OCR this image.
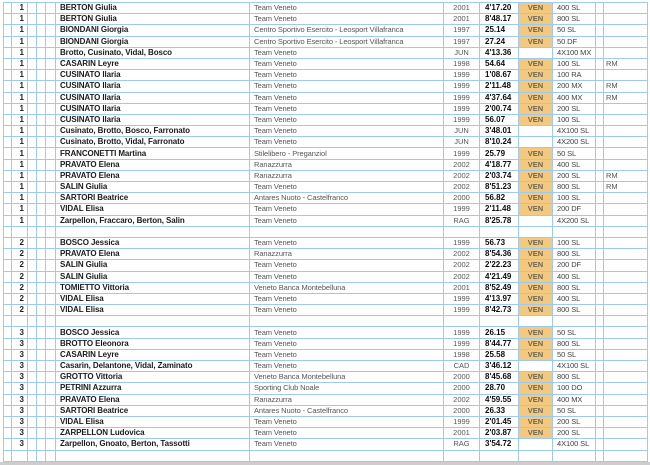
	1				BERTON Giulia	Team Veneto	2001	4'17.20	VEN	400 SL		
	1				BERTON Giulia	Team Veneto	2001	8'48.17	VEN	800 SL		
	1				BIONDANI Giorgia	Centro Sportivo Esercito - Leosport Villafranca	1997	25.14	VEN	50 SL		
	1				BIONDANI Giorgia	Centro Sportivo Esercito - Leosport Villafranca	1997	27.24	VEN	50 DF		
	1				Brotto, Cusinato, Vidal, Bosco	Team Veneto	JUN	4'13.36		4X100 MX		
	1				CASARIN Leyre	Team Veneto	1998	54.64	VEN	100 SL		RM
	1				CUSINATO Ilaria	Team Veneto	1999	1'08.67	VEN	100 RA		
	1				CUSINATO Ilaria	Team Veneto	1999	2'11.48	VEN	200 MX		RM
	1				CUSINATO Ilaria	Team Veneto	1999	4'37.64	VEN	400 MX		RM
	1				CUSINATO Ilaria	Team Veneto	1999	2'00.74	VEN	200 SL		
	1				CUSINATO Ilaria	Team Veneto	1999	56.07	VEN	100 SL		
	1				Cusinato, Brotto, Bosco, Farronato	Team Veneto	JUN	3'48.01		4X100 SL		
	1				Cusinato, Brotto, Vidal, Farronato	Team Veneto	JUN	8'10.24		4X200 SL		
	1				FRANCONETTI Martina	Stilelibero - Preganziol	1999	25.79	VEN	50 SL		
	1				PRAVATO Elena	Ranazzurra	2002	4'18.77	VEN	400 SL		
	1				PRAVATO Elena	Ranazzurra	2002	2'03.74	VEN	200 SL		RM
	1				SALIN Giulia	Team Veneto	2002	8'51.23	VEN	800 SL		RM
	1				SARTORI Beatrice	Antares Nuoto - Castelfranco	2000	56.82	VEN	100 SL		
	1				VIDAL Elisa	Team Veneto	1999	2'11.48	VEN	200 DF		
	1				Zarpellon, Fraccaro, Berton, Salin	Team Veneto	RAG	8'25.78		4X200 SL		

	2				BOSCO Jessica	Team Veneto	1999	56.73	VEN	100 SL		
	2				PRAVATO Elena	Ranazzurra	2002	8'54.36	VEN	800 SL		
	2				SALIN Giulia	Team Veneto	2002	2'22.23	VEN	200 DF		
	2				SALIN Giulia	Team Veneto	2002	4'21.49	VEN	400 SL		
	2				TOMIETTO Vittoria	Veneto Banca Montebelluna	2001	8'52.49	VEN	800 SL		
	2				VIDAL Elisa	Team Veneto	1999	4'13.97	VEN	400 SL		
	2				VIDAL Elisa	Team Veneto	1999	8'42.73	VEN	800 SL		

	3				BOSCO Jessica	Team Veneto	1999	26.15	VEN	50 SL		
	3				BROTTO Eleonora	Team Veneto	1999	8'44.77	VEN	800 SL		
	3				CASARIN Leyre	Team Veneto	1998	25.58	VEN	50 SL		
	3				Casarin, Delantone, Vidal, Zaminato	Team Veneto	CAD	3'46.12		4X100 SL		
	3				GROTTO Vittoria	Veneto Banca Montebelluna	2000	8'45.68	VEN	800 SL		
	3				PETRINI Azzurra	Sporting Club Noale	2000	28.70	VEN	100 DO		
	3				PRAVATO Elena	Ranazzurra	2002	4'59.55	VEN	400 MX		
	3				SARTORI Beatrice	Antares Nuoto - Castelfranco	2000	26.33	VEN	50 SL		
	3				VIDAL Elisa	Team Veneto	1999	2'01.45	VEN	200 SL		
	3				ZARPELLON Ludovica	Team Veneto	2001	2'03.87	VEN	200 SL		
	3				Zarpellon, Gnoato, Berton, Tassotti	Team Veneto	RAG	3'54.72		4X100 SL		
